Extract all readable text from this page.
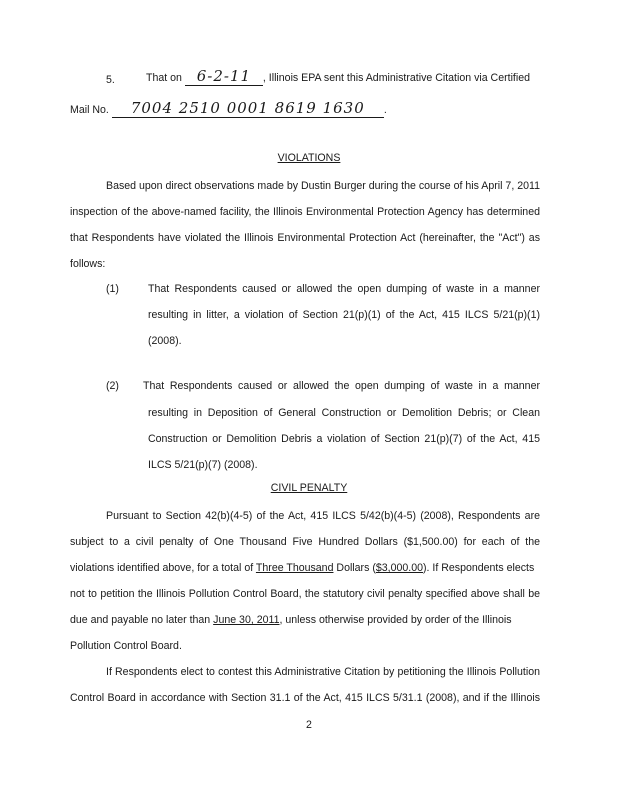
5.	That on 6-2-11 , Illinois EPA sent this Administrative Citation via Certified
Mail No. 7004 2510 0001 8619 1630 .
VIOLATIONS
Based upon direct observations made by Dustin Burger during the course of his April 7, 2011
inspection of the above-named facility, the Illinois Environmental Protection Agency has determined
that Respondents have violated the Illinois Environmental Protection Act (hereinafter, the "Act") as
follows:
(1)	That Respondents caused or allowed the open dumping of waste in a manner
resulting in litter, a violation of Section 21(p)(1) of the Act, 415 ILCS 5/21(p)(1)
(2008).
(2) That Respondents caused or allowed the open dumping of waste in a manner
resulting in Deposition of General Construction or Demolition Debris; or Clean
Construction or Demolition Debris a violation of Section 21(p)(7) of the Act, 415
ILCS 5/21(p)(7) (2008).
CIVIL PENALTY
Pursuant to Section 42(b)(4-5) of the Act, 415 ILCS 5/42(b)(4-5) (2008), Respondents are
subject to a civil penalty of One Thousand Five Hundred Dollars ($1,500.00) for each of the
violations identified above, for a total of Three Thousand Dollars ($3,000.00). If Respondents elects
not to petition the Illinois Pollution Control Board, the statutory civil penalty specified above shall be
due and payable no later than June 30, 2011, unless otherwise provided by order of the Illinois
Pollution Control Board.
If Respondents elect to contest this Administrative Citation by petitioning the Illinois Pollution
Control Board in accordance with Section 31.1 of the Act, 415 ILCS 5/31.1 (2008), and if the Illinois
2
